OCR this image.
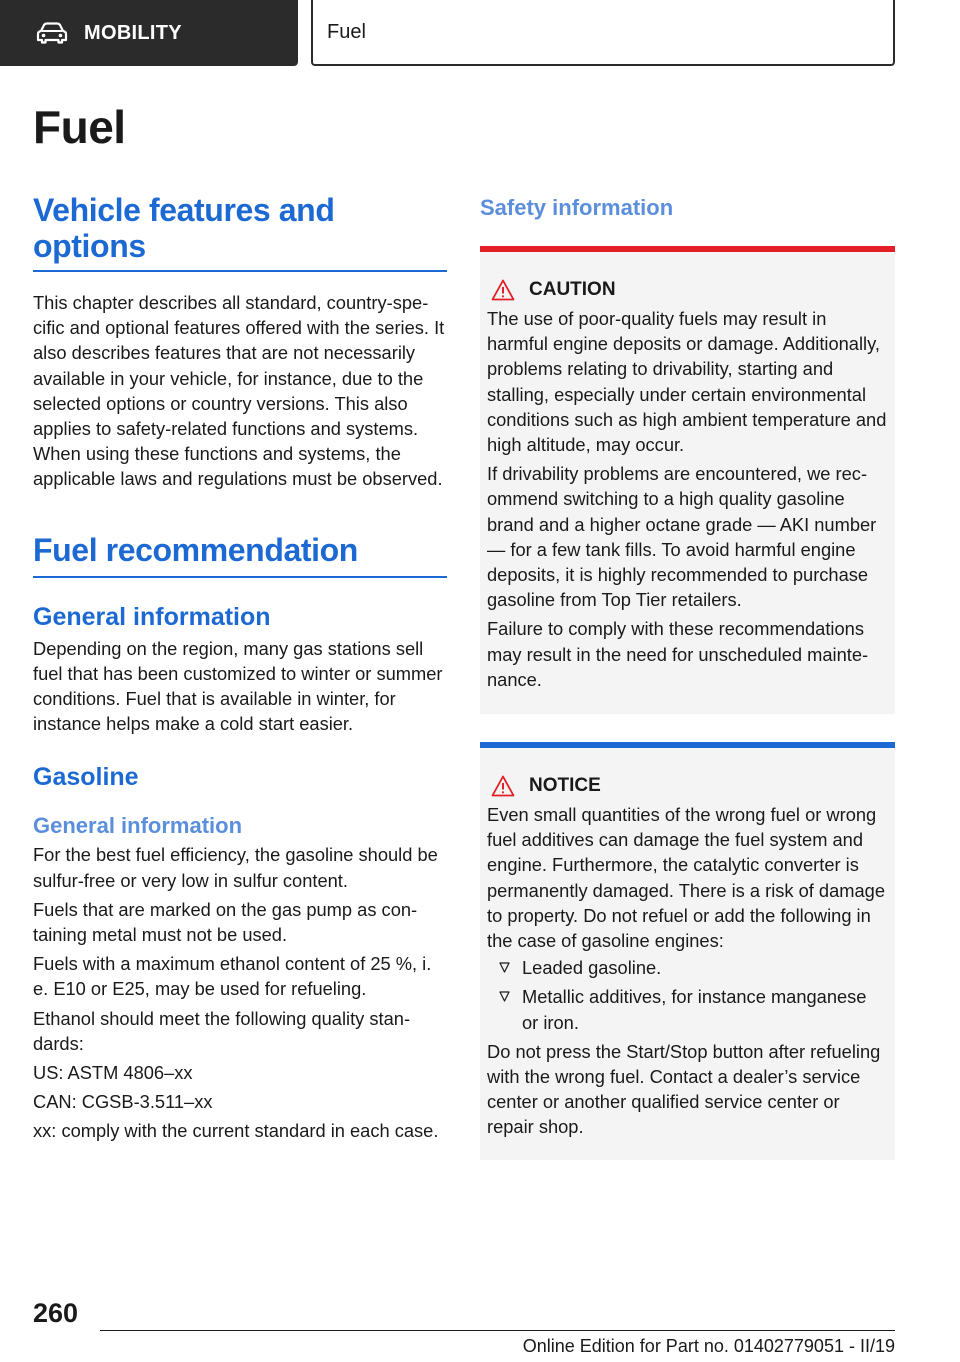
MOBILITY	Fuel
Fuel
Vehicle features and options
This chapter describes all standard, country-specific and optional features offered with the series. It also describes features that are not necessarily available in your vehicle, for instance, due to the selected options or country versions. This also applies to safety-related functions and systems. When using these functions and systems, the applicable laws and regulations must be observed.
Fuel recommendation
General information
Depending on the region, many gas stations sell fuel that has been customized to winter or summer conditions. Fuel that is available in winter, for instance helps make a cold start easier.
Gasoline
General information
For the best fuel efficiency, the gasoline should be sulfur-free or very low in sulfur content.
Fuels that are marked on the gas pump as containing metal must not be used.
Fuels with a maximum ethanol content of 25 %, i. e. E10 or E25, may be used for refueling.
Ethanol should meet the following quality standards:
US: ASTM 4806–xx
CAN: CGSB-3.511–xx
xx: comply with the current standard in each case.
Safety information
CAUTION
The use of poor-quality fuels may result in harmful engine deposits or damage. Additionally, problems relating to drivability, starting and stalling, especially under certain environmental conditions such as high ambient temperature and high altitude, may occur.
If drivability problems are encountered, we recommend switching to a high quality gasoline brand and a higher octane grade — AKI number — for a few tank fills. To avoid harmful engine deposits, it is highly recommended to purchase gasoline from Top Tier retailers.
Failure to comply with these recommendations may result in the need for unscheduled maintenance.
NOTICE
Even small quantities of the wrong fuel or wrong fuel additives can damage the fuel system and engine. Furthermore, the catalytic converter is permanently damaged. There is a risk of damage to property. Do not refuel or add the following in the case of gasoline engines:
Leaded gasoline.
Metallic additives, for instance manganese or iron.
Do not press the Start/Stop button after refueling with the wrong fuel. Contact a dealer’s service center or another qualified service center or repair shop.
260
Online Edition for Part no. 01402779051 - II/19
